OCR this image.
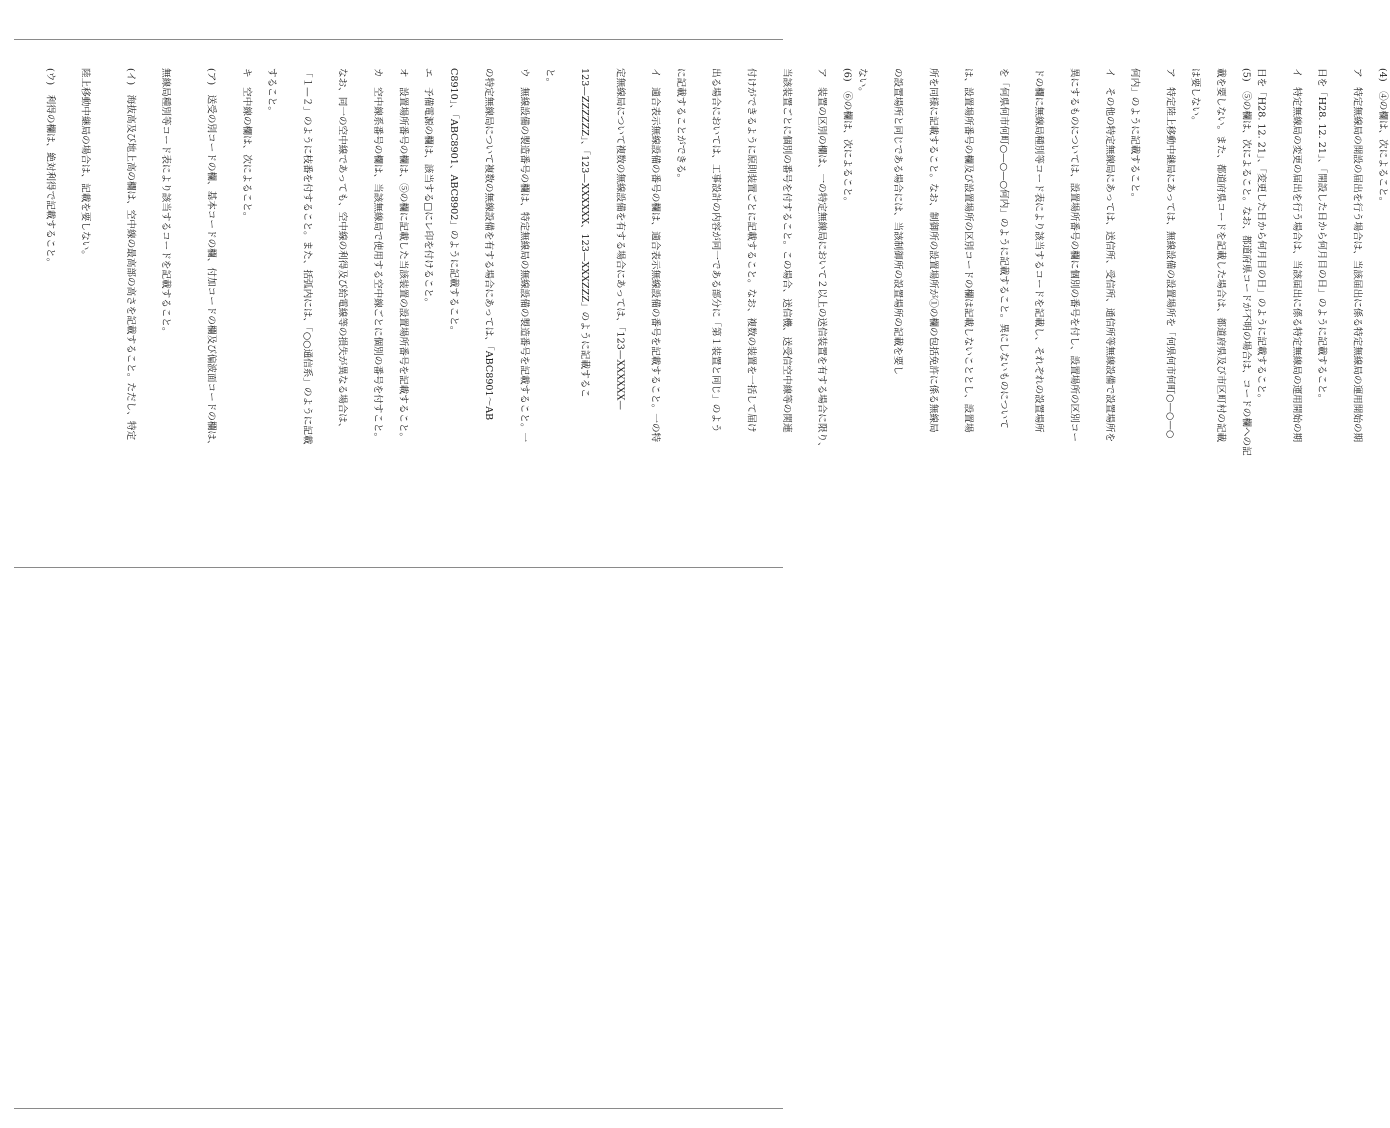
(4)　④の欄は、次によること。
ア　特定無線局の開設の届出を行う場合は、当該届出に係る特定無線局の運用開始の期
日を「H28. 12. 21」、「開設した日から何月目の日」のように記載すること。
イ　特定無線局の変更の届出を行う場合は、当該届出に係る特定無線局の運用開始の期
日を「H28. 12. 21」、「変更した日から何月目の日」のように記載すること。
(5)　⑤の欄は、次によること。なお、都道府県コードが不明の場合は、コードの欄への記
載を要しない。また、都道府県コードを記載した場合は、都道府県及び市区町村の記載
は要しない。
ア　特定陸上移動中継局にあっては、無線設備の設置場所を「何県何市何町○—○—○
何内」のように記載すること。
イ　その他の特定無線局にあっては、送信所、受信所、通信所等無線設備で設置場所を
異にするものについては、設置場所番号の欄に個別の番号を付し、設置場所の区別コー
ドの欄に無線局種別等コード表により該当するコードを記載し、それぞれの設置場所
を「何県何市何町○—○—○何内」のように記載すること。異にしないものについて
は、設置場所番号の欄及び設置場所の区別コードの欄は記載しないこととし、設置場
所を同様に記載すること。なお、制御所の設置場所が①の欄の包括免許に係る無線局
の設置場所と同じである場合には、当該制御所の設置場所の記載を要し
ない。
(6)　⑥の欄は、次によること。
ア　装置の区別の欄は、一の特定無線局において２以上の送信装置を有する場合に限り、
当該装置ごとに個別の番号を付すること。この場合、送信機、送受信空中線等の関連
付けができるように原則装置ごとに記載すること。なお、複数の装置を一括して届け
出る場合においては、工事設計の内容が同一である部分に「第１装置と同じ」のよう
に記載することができる。
イ　適合表示無線設備の番号の欄は、適合表示無線設備の番号を記載すること。一の特
定無線局について複数の無線設備を有する場合にあっては、「123—XXXXXX—
123—ZZZZZZ」、「123—XXXXXX、123—XXXZZZ」のように記載するこ
と。
ウ　無線設備の製造番号の欄は、特定無線局の無線設備の製造番号を記載すること。一
の特定無線局について複数の無線設備を有する場合にあっては、「ABC8901～AB
C8910」、「ABC8901、ABC8902」のように記載すること。
エ　予備電源の欄は、該当する□にレ印を付けること。
オ　設置場所番号の欄は、⑤の欄に記載した当該装置の設置場所番号を記載すること。
カ　空中線系番号の欄は、当該無線局で使用する空中線ごとに個別の番号を付すこと。
なお、同一の空中線であっても、空中線の利得及び給電線等の損失が異なる場合は、
「１—２」のように枝番を付すること。また、括弧内には、「○○通信系」のように記載
すること。
キ　空中線の欄は、次によること。
(ア)　送受の別コードの欄、基本コードの欄、付加コードの欄及び偏波面コードの欄は、
無線局種別等コード表により該当するコードを記載すること。
(イ)　海抜高及び地上高の欄は、空中線の最高部の高さを記載すること。ただし、特定
陸上移動中継局の場合は、記載を要しない。
(ウ)　利得の欄は、絶対利得で記載すること。
